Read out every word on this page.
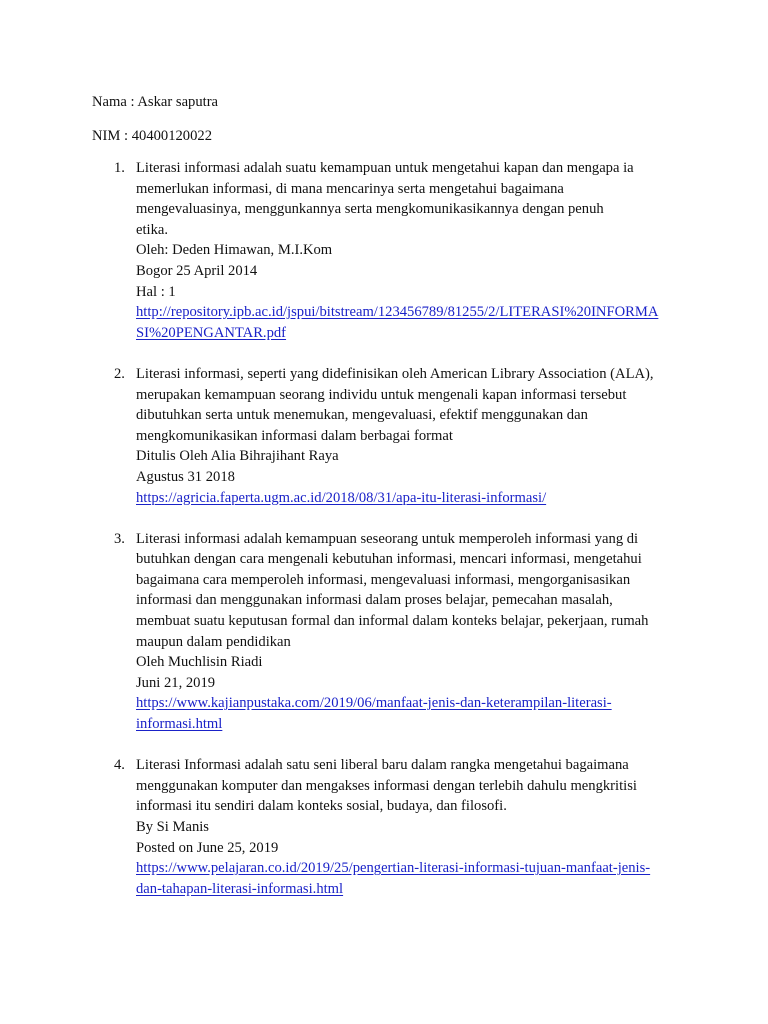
Nama : Askar saputra
NIM : 40400120022
1. Literasi informasi adalah suatu kemampuan untuk mengetahui kapan dan mengapa ia
memerlukan informasi, di mana mencarinya serta mengetahui bagaimana
mengevaluasinya, menggunkannya serta mengkomunikasikannya dengan penuh
etika.
Oleh: Deden Himawan, M.I.Kom
Bogor 25 April 2014
Hal : 1
http://repository.ipb.ac.id/jspui/bitstream/123456789/81255/2/LITERASI%20INFORMA
SI%20PENGANTAR.pdf
2. Literasi informasi, seperti yang didefinisikan oleh American Library Association (ALA),
merupakan kemampuan seorang individu untuk mengenali kapan informasi tersebut
dibutuhkan serta untuk menemukan, mengevaluasi, efektif menggunakan dan
mengkomunikasikan informasi dalam berbagai format
Ditulis Oleh Alia Bihrajihant Raya
Agustus 31 2018
https://agricia.faperta.ugm.ac.id/2018/08/31/apa-itu-literasi-informasi/
3. Literasi informasi adalah kemampuan seseorang untuk memperoleh informasi yang di
butuhkan dengan cara mengenali kebutuhan informasi, mencari informasi, mengetahui
bagaimana cara memperoleh informasi, mengevaluasi informasi, mengorganisasikan
informasi dan menggunakan informasi dalam proses belajar, pemecahan masalah,
membuat suatu keputusan formal dan informal dalam konteks belajar, pekerjaan, rumah
maupun dalam pendidikan
Oleh Muchlisin Riadi
Juni 21, 2019
https://www.kajianpustaka.com/2019/06/manfaat-jenis-dan-keterampilan-literasi-
informasi.html
4. Literasi Informasi adalah satu seni liberal baru dalam rangka mengetahui bagaimana
menggunakan komputer dan mengakses informasi dengan terlebih dahulu mengkritisi
informasi itu sendiri dalam konteks sosial, budaya, dan filosofi.
By Si Manis
Posted on June 25, 2019
https://www.pelajaran.co.id/2019/25/pengertian-literasi-informasi-tujuan-manfaat-jenis-
dan-tahapan-literasi-informasi.html
